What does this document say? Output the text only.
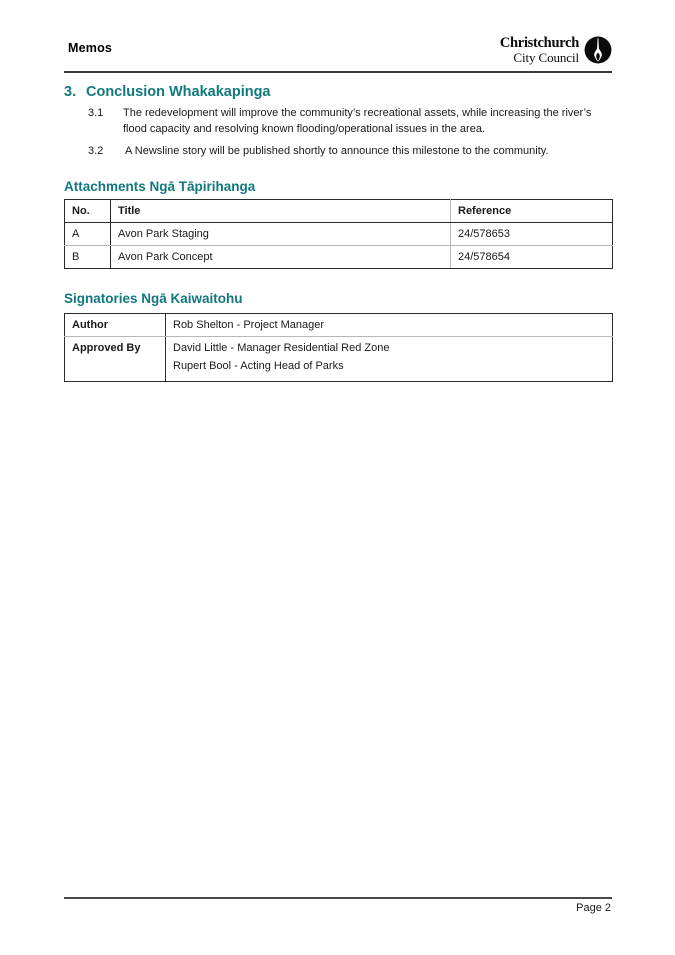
Memos	Christchurch
City Council
3. Conclusion Whakakapinga
3.1	The redevelopment will improve the community’s recreational assets, while increasing the river’s flood capacity and resolving known flooding/operational issues in the area.
3.2	A Newsline story will be published shortly to announce this milestone to the community.
Attachments Ngā Tāpirihanga
No.	Title	Reference
A	Avon Park Staging	24/578653
B	Avon Park Concept	24/578654
Signatories Ngā Kaiwaitohu
Author	Rob Shelton - Project Manager

Approved By	David Little - Manager Residential Red Zone
Rupert Bool - Acting Head of Parks
Page 2
